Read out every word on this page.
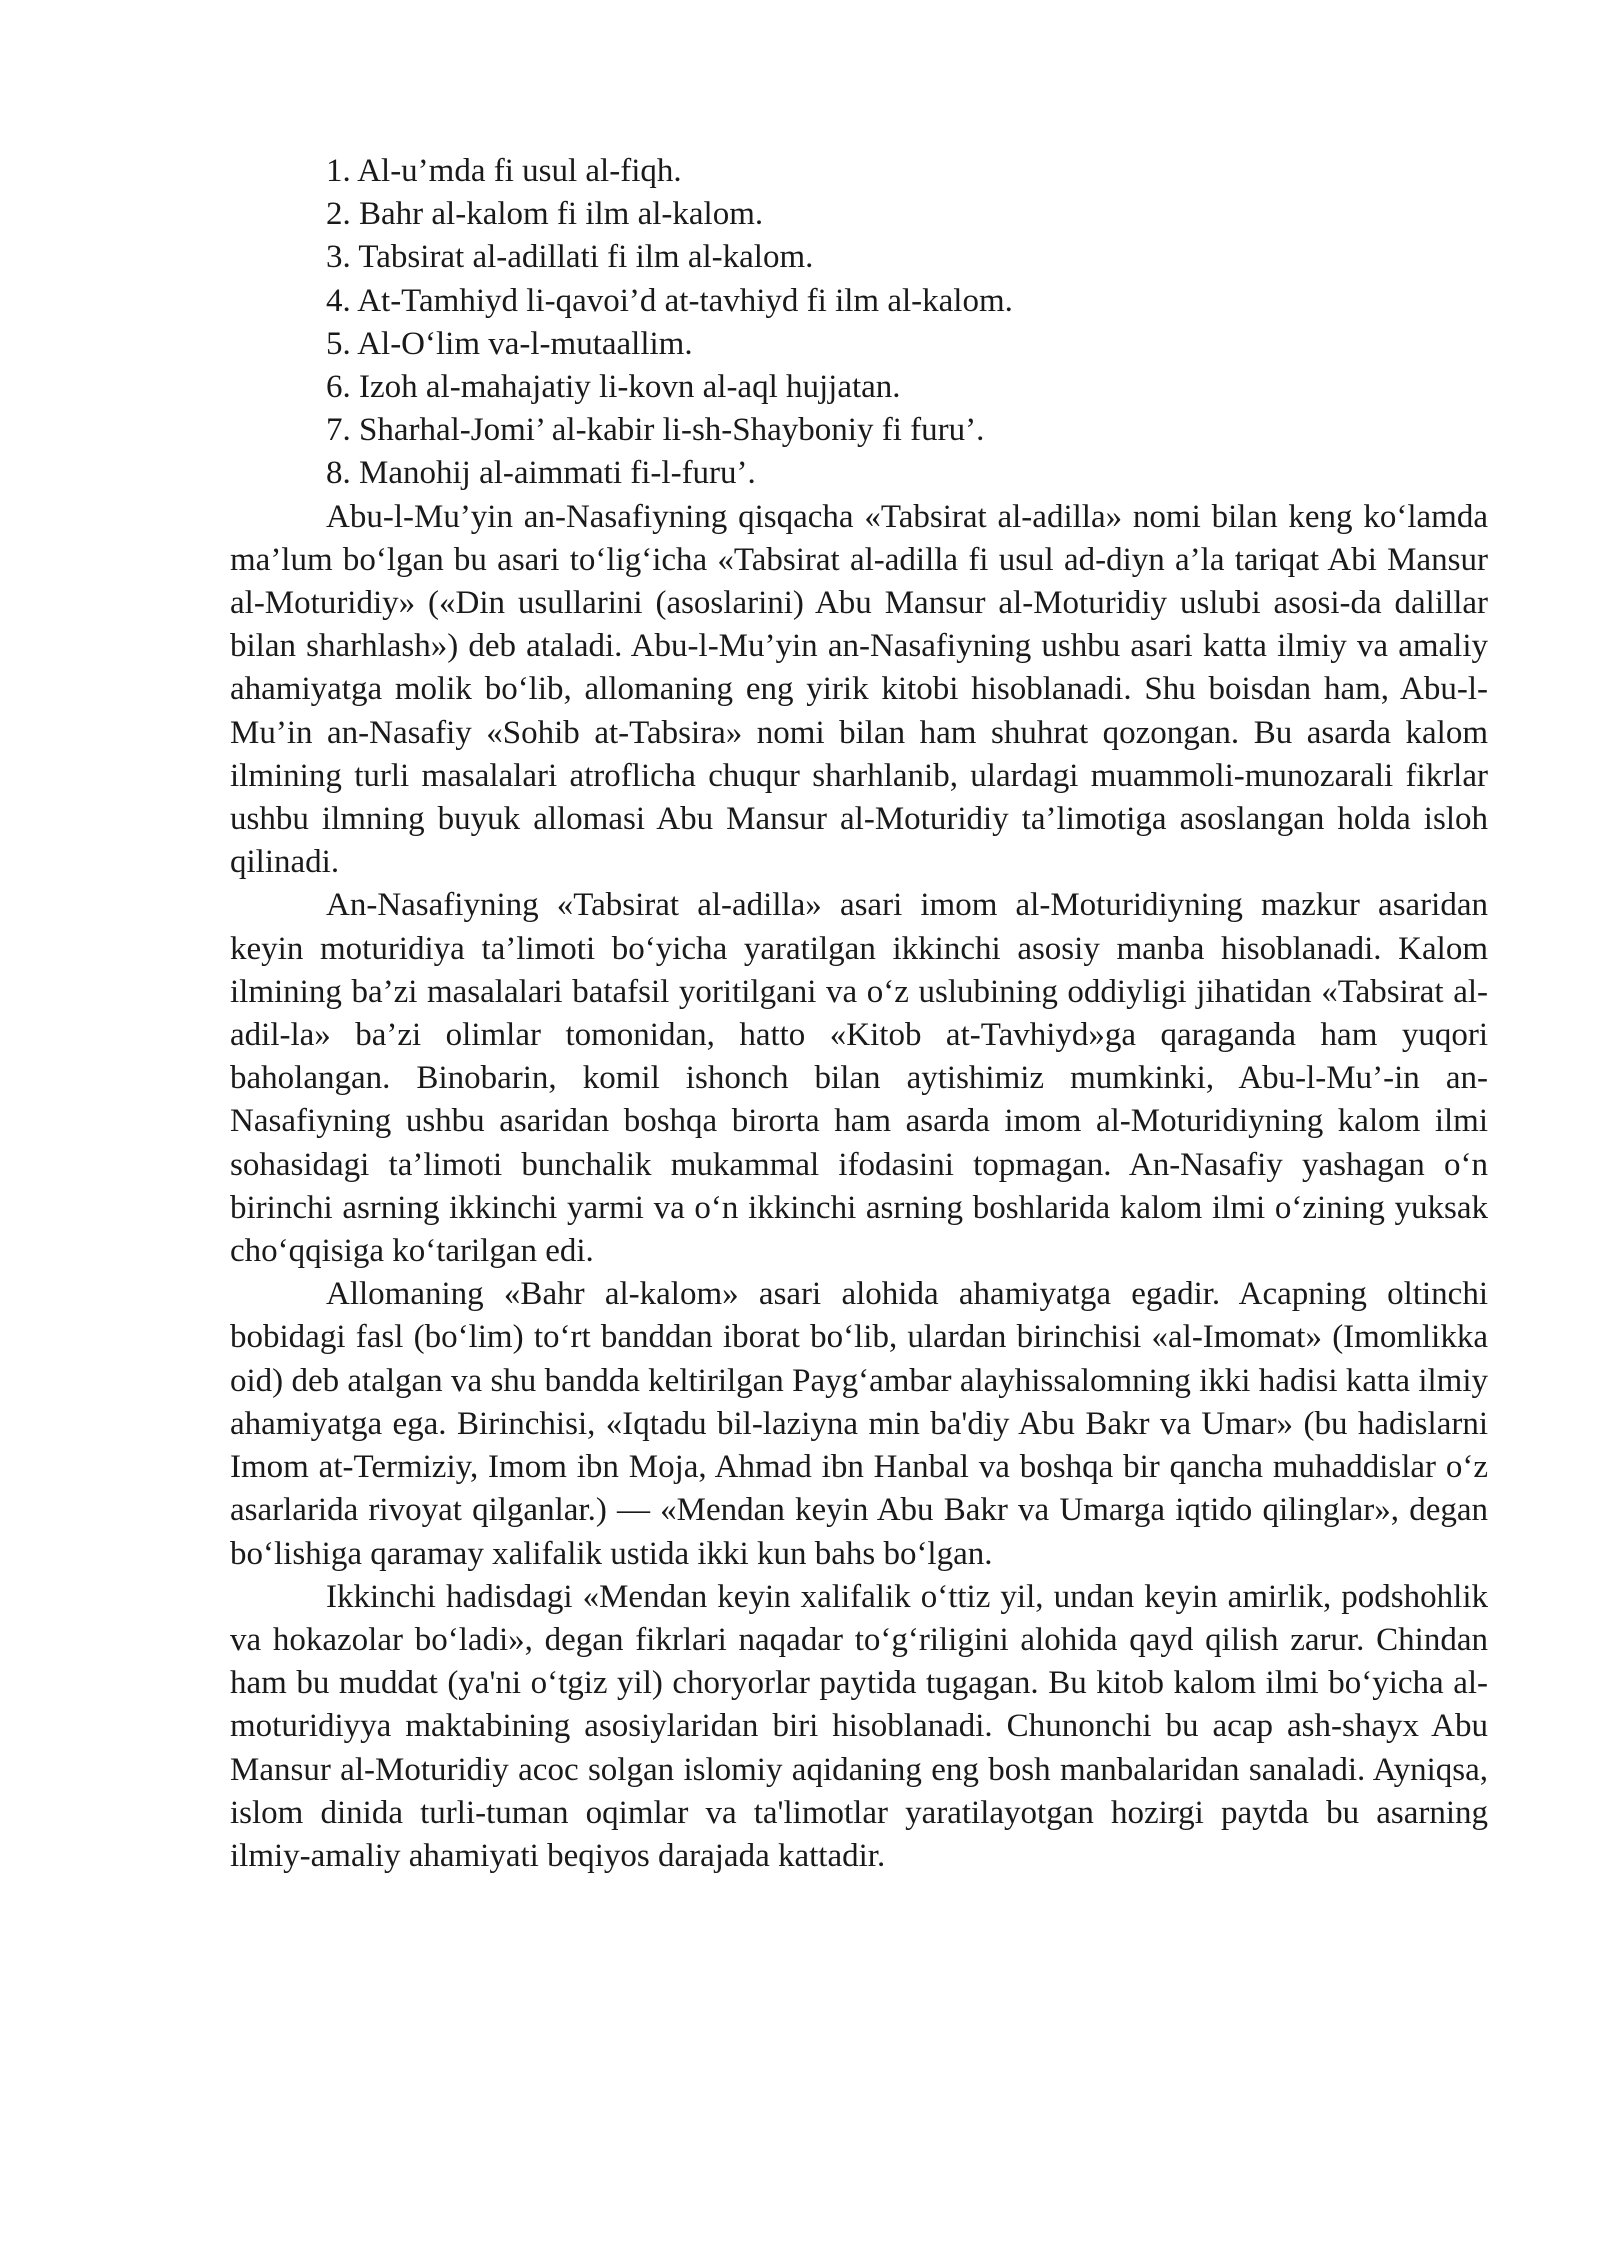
1. Al-u’mda fi usul al-fiqh.
2. Bahr al-kalom fi ilm al-kalom.
3. Tabsirat al-adillati fi ilm al-kalom.
4. At-Tamhiyd li-qavoi’d at-tavhiyd fi ilm al-kalom.
5. Al-O‘lim va-l-mutaallim.
6. Izoh al-mahajatiy li-kovn al-aql hujjatan.
7. Sharhal-Jomi’ al-kabir li-sh-Shayboniy fi furu’.
8. Manohij al-aimmati fi-l-furu’.

Abu-l-Mu’yin an-Nasafiyning qisqacha «Tabsirat al-adilla» nomi bilan keng ko‘lamda ma’lum bo‘lgan bu asari to‘lig‘icha «Tabsirat al-adilla fi usul ad-diyn a’la tariqat Abi Mansur al-Moturidiy» («Din usullarini (asoslarini) Abu Mansur al-Moturidiy uslubi asosi-da dalillar bilan sharhlash») deb ataladi. Abu-l-Mu’yin an-Nasafiyning ushbu asari katta ilmiy va amaliy ahamiyatga molik bo‘lib, allomaning eng yirik kitobi hisoblanadi. Shu boisdan ham, Abu-l-Mu’in an-Nasafiy «Sohib at-Tabsira» nomi bilan ham shuhrat qozongan. Bu asarda kalom ilmining turli masalalari atroflicha chuqur sharhlanib, ulardagi muammoli-munozarali fikrlar ushbu ilmning buyuk allomasi Abu Mansur al-Moturidiy ta’limotiga asoslangan holda isloh qilinadi.

An-Nasafiyning «Tabsirat al-adilla» asari imom al-Moturidiyning mazkur asaridan keyin moturidiya ta’limoti bo‘yicha yaratilgan ikkinchi asosiy manba hisoblanadi. Kalom ilmining ba’zi masalalari batafsil yoritilgani va o‘z uslubining oddiyligi jihatidan «Tabsirat al-adil-la» ba’zi olimlar tomonidan, hatto «Kitob at-Tavhiyd»ga qaraganda ham yuqori baholangan. Binobarin, komil ishonch bilan aytishimiz mumkinki, Abu-l-Mu’-in an-Nasafiyning ushbu asaridan boshqa birorta ham asarda imom al-Moturidiyning kalom ilmi sohasidagi ta’limoti bunchalik mukammal ifodasini topmagan. An-Nasafiy yashagan o‘n birinchi asrning ikkinchi yarmi va o‘n ikkinchi asrning boshlarida kalom ilmi o‘zining yuksak cho‘qqisiga ko‘tarilgan edi.

Allomaning «Bahr al-kalom» asari alohida ahamiyatga egadir. Acapning oltinchi bobidagi fasl (bo‘lim) to‘rt banddan iborat bo‘lib, ulardan birinchisi «al-Imomat» (Imomlikka oid) deb atalgan va shu bandda keltirilgan Payg‘ambar alayhissalomning ikki hadisi katta ilmiy ahamiyatga ega. Birinchisi, «Iqtadu bil-laziyna min ba'diy Abu Bakr va Umar» (bu hadislarni Imom at-Termiziy, Imom ibn Moja, Ahmad ibn Hanbal va boshqa bir qancha muhaddislar o‘z asarlarida rivoyat qilganlar.) — «Mendan keyin Abu Bakr va Umarga iqtido qilinglar», degan bo‘lishiga qaramay xalifalik ustida ikki kun bahs bo‘lgan.

Ikkinchi hadisdagi «Mendan keyin xalifalik o‘ttiz yil, undan keyin amirlik, podshohlik va hokazolar bo‘ladi», degan fikrlari naqadar to‘g‘riligini alohida qayd qilish zarur. Chindan ham bu muddat (ya'ni o‘tgiz yil) choryorlar paytida tugagan. Bu kitob kalom ilmi bo‘yicha al-moturidiyya maktabining asosiylaridan biri hisoblanadi. Chunonchi bu acap ash-shayx Abu Mansur al-Moturidiy acoc solgan islomiy aqidaning eng bosh manbalaridan sanaladi. Ayniqsa, islom dinida turli-tuman oqimlar va ta'limotlar yaratilayotgan hozirgi paytda bu asarning ilmiy-amaliy ahamiyati beqiyos darajada kattadir.
